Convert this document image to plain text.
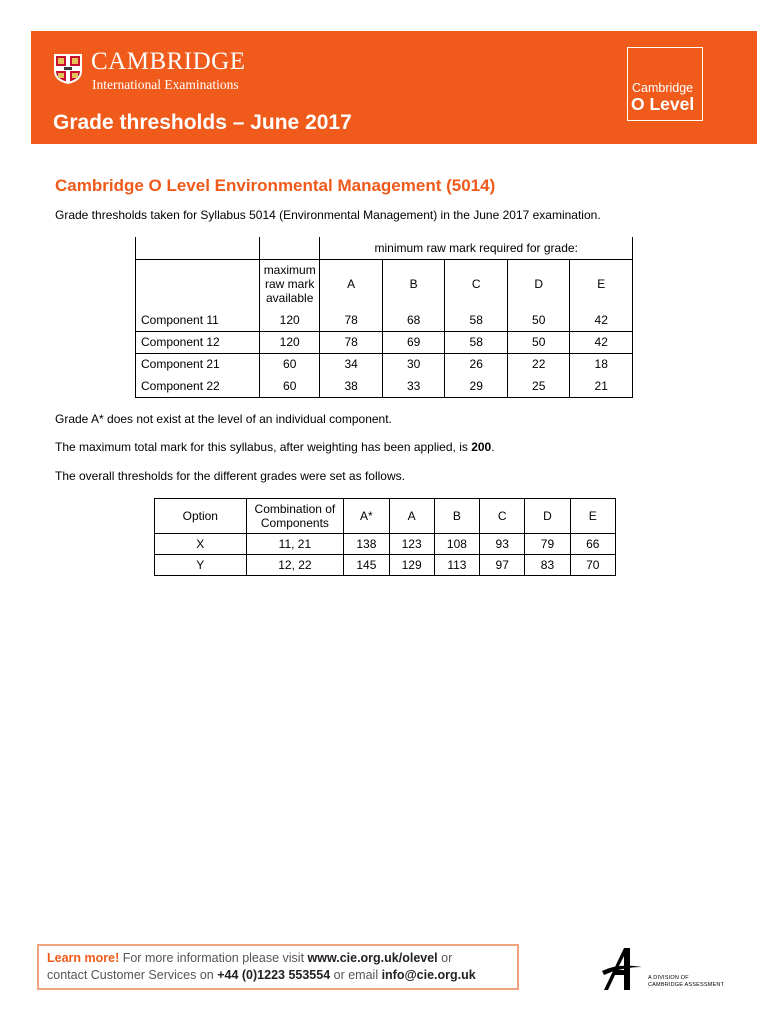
CAMBRIDGE
International Examinations
Grade thresholds – June 2017
Cambridge
O Level
Cambridge O Level Environmental Management (5014)
Grade thresholds taken for Syllabus 5014 (Environmental Management) in the June 2017 examination.
		minimum raw mark required for grade:				
	maximum raw mark available	A	B	C	D	E
Component 11	120	78	68	58	50	42
Component 12	120	78	69	58	50	42
Component 21	60	34	30	26	22	18
Component 22	60	38	33	29	25	21
Grade A* does not exist at the level of an individual component.
The maximum total mark for this syllabus, after weighting has been applied, is 200.
The overall thresholds for the different grades were set as follows.
Option	Combination of Components	A*	A	B	C	D	E
X	11, 21	138	123	108	93	79	66
Y	12, 22	145	129	113	97	83	70
Learn more! For more information please visit www.cie.org.uk/olevel or
contact Customer Services on +44 (0)1223 553554 or email info@cie.org.uk	A DIVISION OF
CAMBRIDGE ASSESSMENT
